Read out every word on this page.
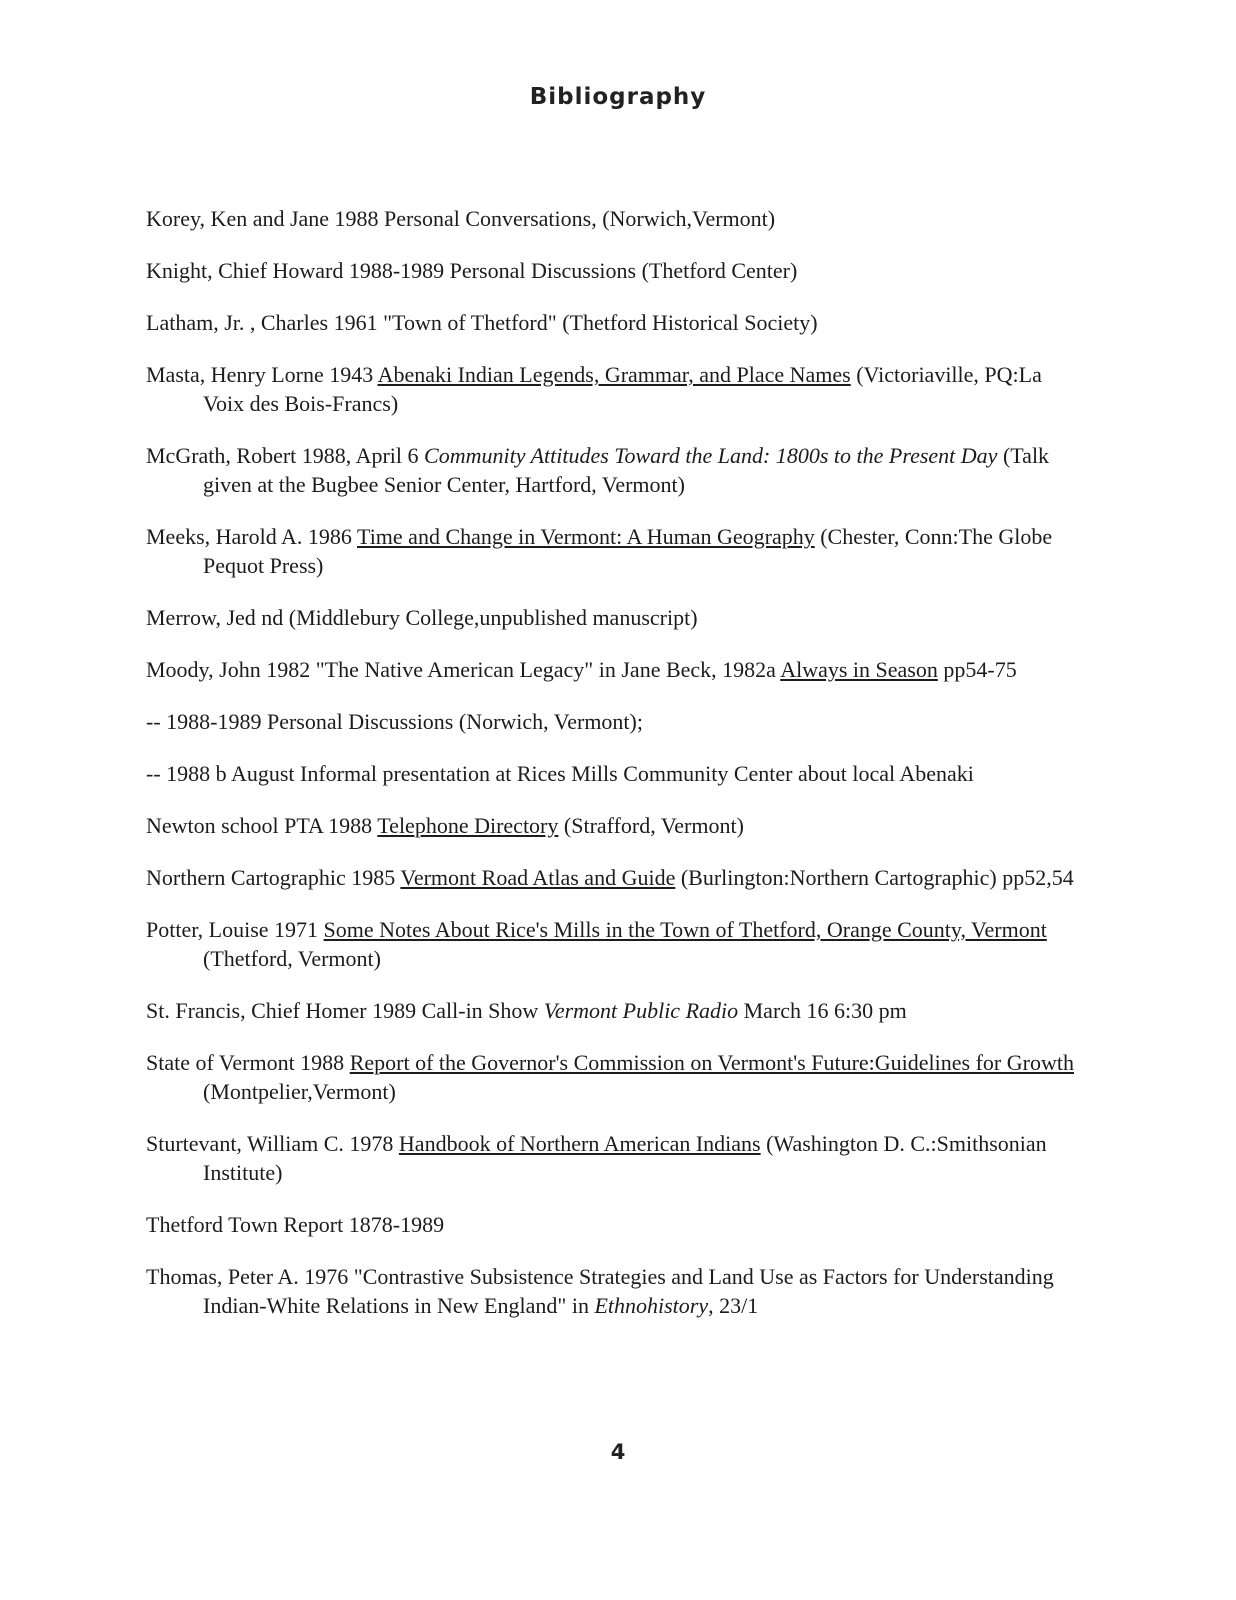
Bibliography

Korey, Ken and Jane 1988 Personal Conversations, (Norwich,Vermont)

Knight, Chief Howard 1988-1989 Personal Discussions (Thetford Center)

Latham, Jr. , Charles 1961 "Town of Thetford" (Thetford Historical Society)

Masta, Henry Lorne 1943 Abenaki Indian Legends, Grammar, and Place Names (Victoriaville, PQ:La Voix des Bois-Francs)

McGrath, Robert 1988, April 6 Community Attitudes Toward the Land: 1800s to the Present Day (Talk given at the Bugbee Senior Center, Hartford, Vermont)

Meeks, Harold A. 1986 Time and Change in Vermont: A Human Geography (Chester, Conn:The Globe Pequot Press)

Merrow, Jed nd (Middlebury College,unpublished manuscript)

Moody, John 1982 "The Native American Legacy" in Jane Beck, 1982a Always in Season pp54-75

-- 1988-1989 Personal Discussions (Norwich, Vermont);

-- 1988 b August Informal presentation at Rices Mills Community Center about local Abenaki

Newton school PTA 1988 Telephone Directory (Strafford, Vermont)

Northern Cartographic 1985 Vermont Road Atlas and Guide (Burlington:Northern Cartographic) pp52,54

Potter, Louise 1971 Some Notes About Rice's Mills in the Town of Thetford, Orange County, Vermont (Thetford, Vermont)

St. Francis, Chief Homer 1989 Call-in Show Vermont Public Radio March 16 6:30 pm

State of Vermont 1988 Report of the Governor's Commission on Vermont's Future:Guidelines for Growth (Montpelier,Vermont)

Sturtevant, William C. 1978 Handbook of Northern American Indians (Washington D. C.:Smithsonian Institute)

Thetford Town Report 1878-1989

Thomas, Peter A. 1976 "Contrastive Subsistence Strategies and Land Use as Factors for Understanding Indian-White Relations in New England" in Ethnohistory, 23/1

4
